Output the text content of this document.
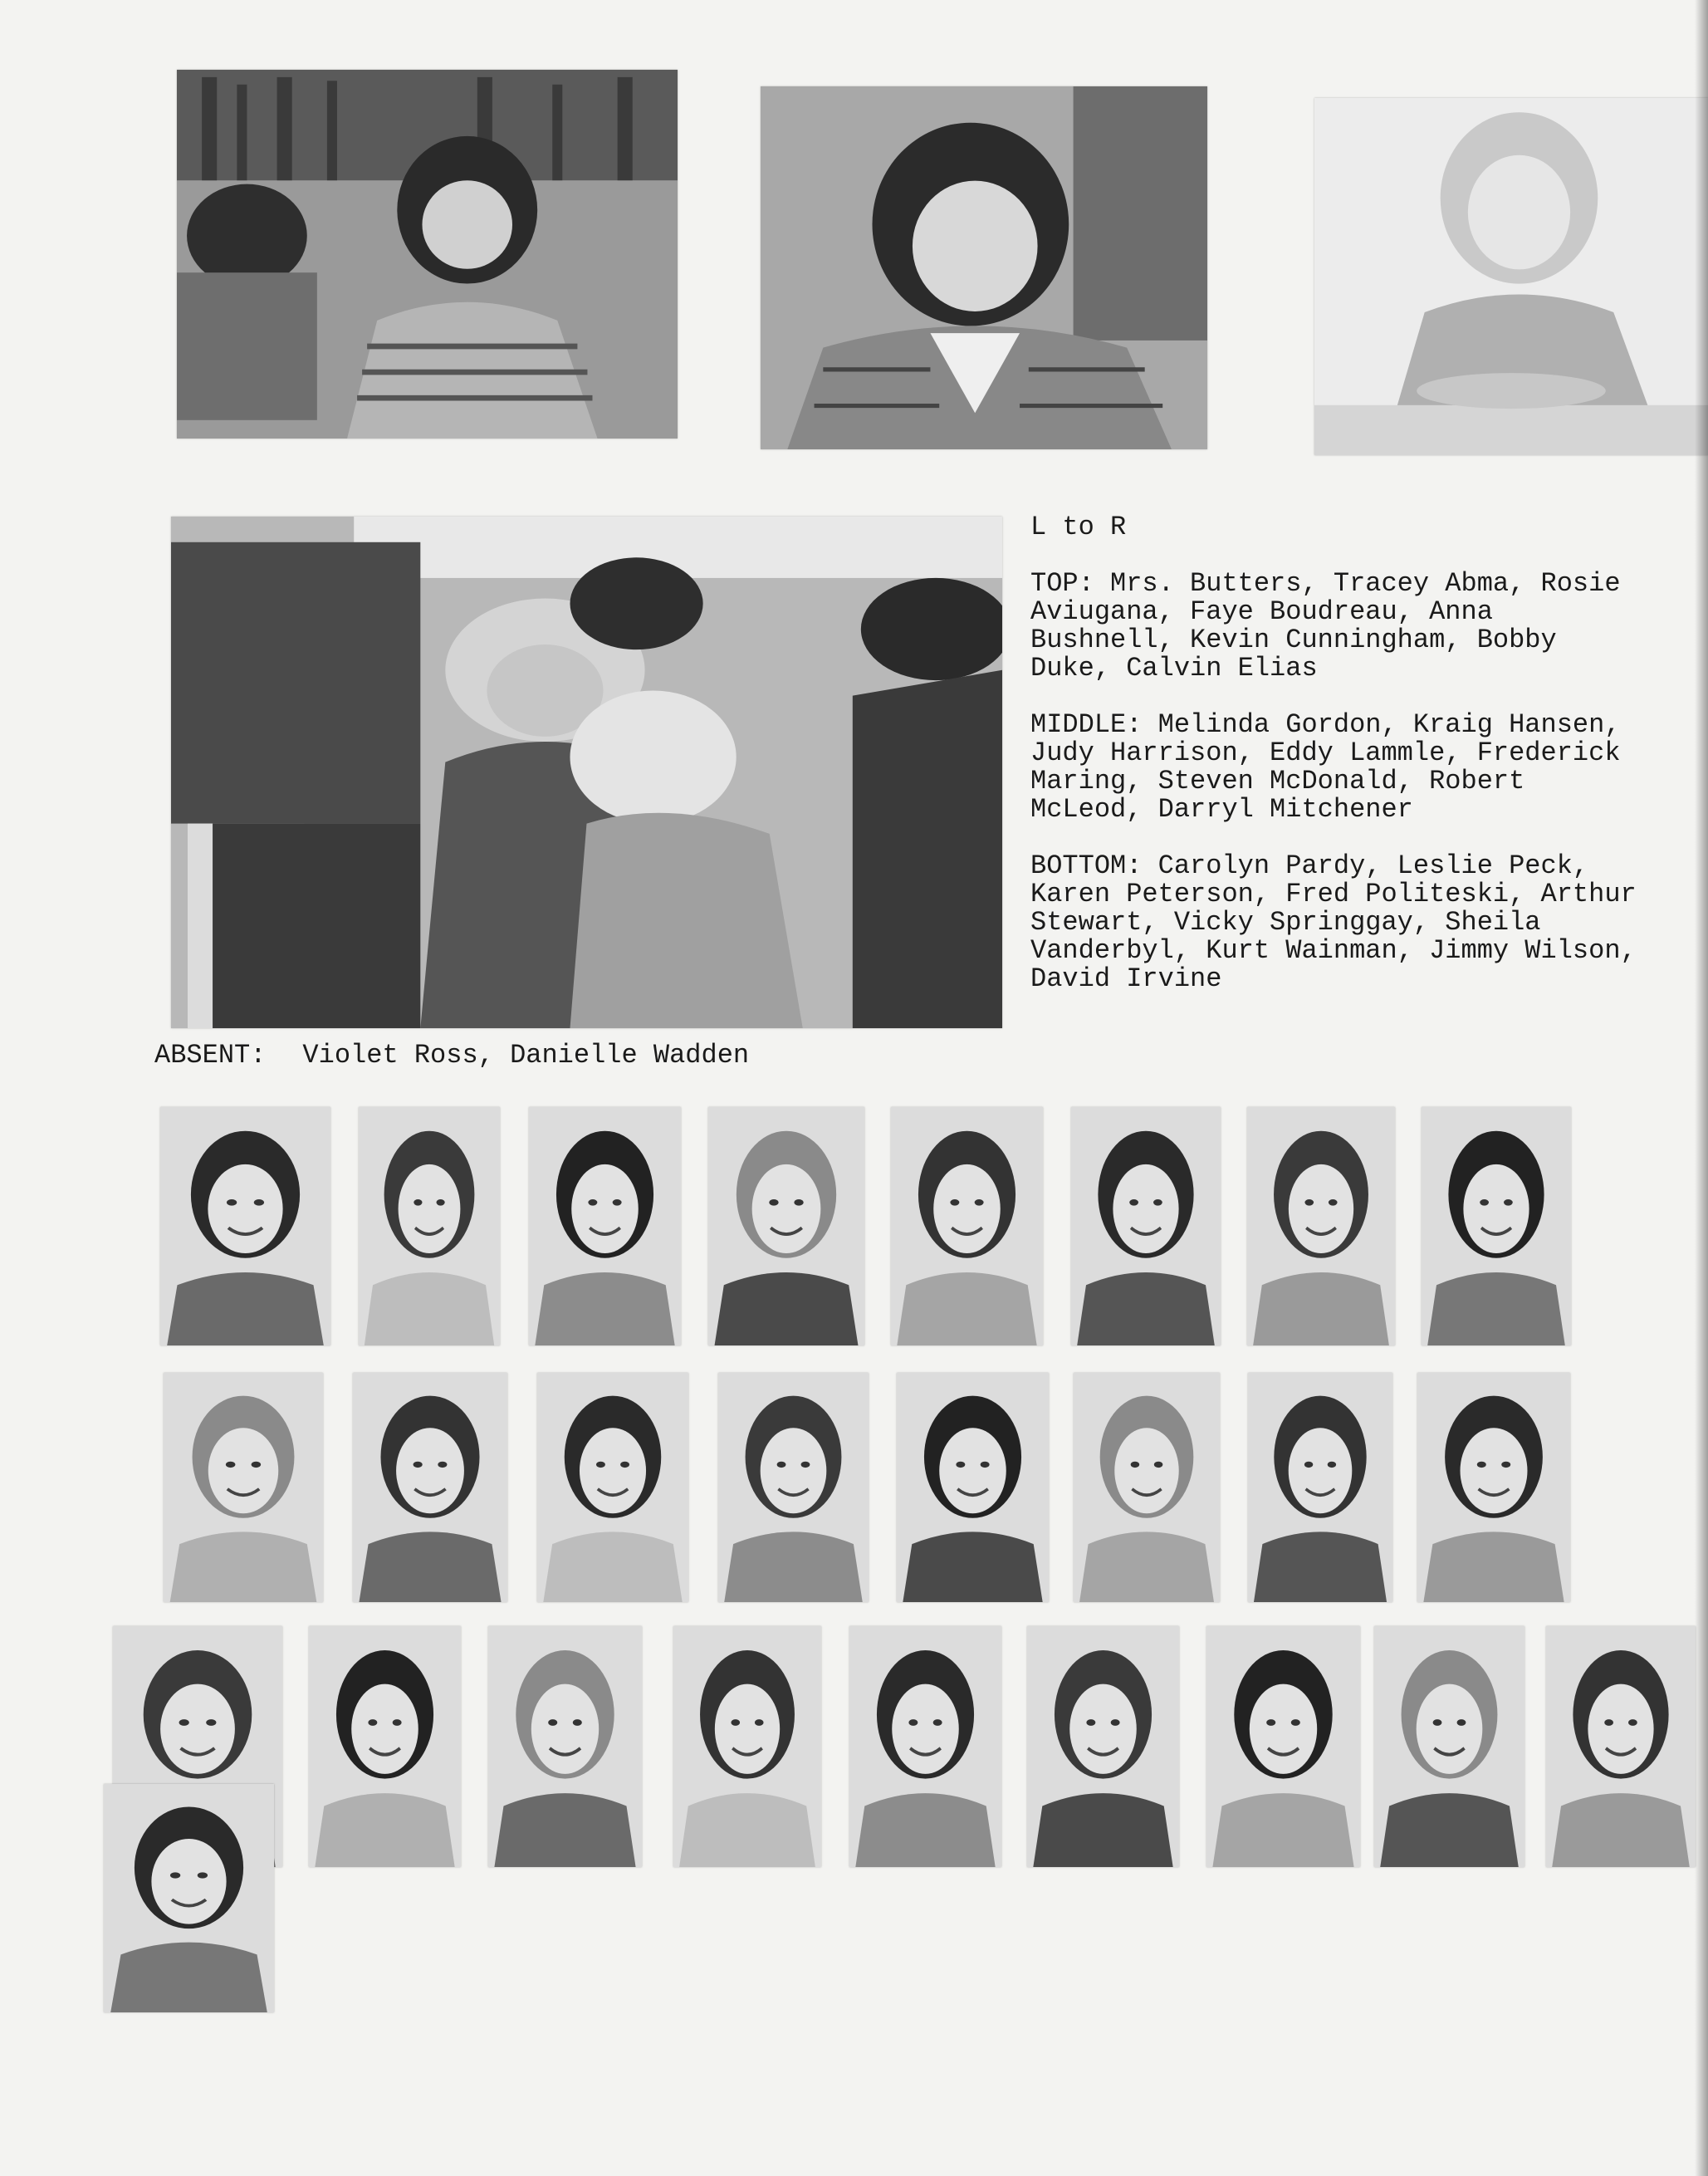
L to R

TOP: Mrs. Butters, Tracey Abma, Rosie Aviugana, Faye Boudreau, Anna Bushnell, Kevin Cunningham, Bobby Duke, Calvin Elias

MIDDLE: Melinda Gordon, Kraig Hansen, Judy Harrison, Eddy Lammle, Frederick Maring, Steven McDonald, Robert McLeod, Darryl Mitchener

BOTTOM: Carolyn Pardy, Leslie Peck, Karen Peterson, Fred Politeski, Arthur Stewart, Vicky Springgay, Sheila Vanderbyl, Kurt Wainman, Jimmy Wilson, David Irvine

ABSENT: Violet Ross, Danielle Wadden
